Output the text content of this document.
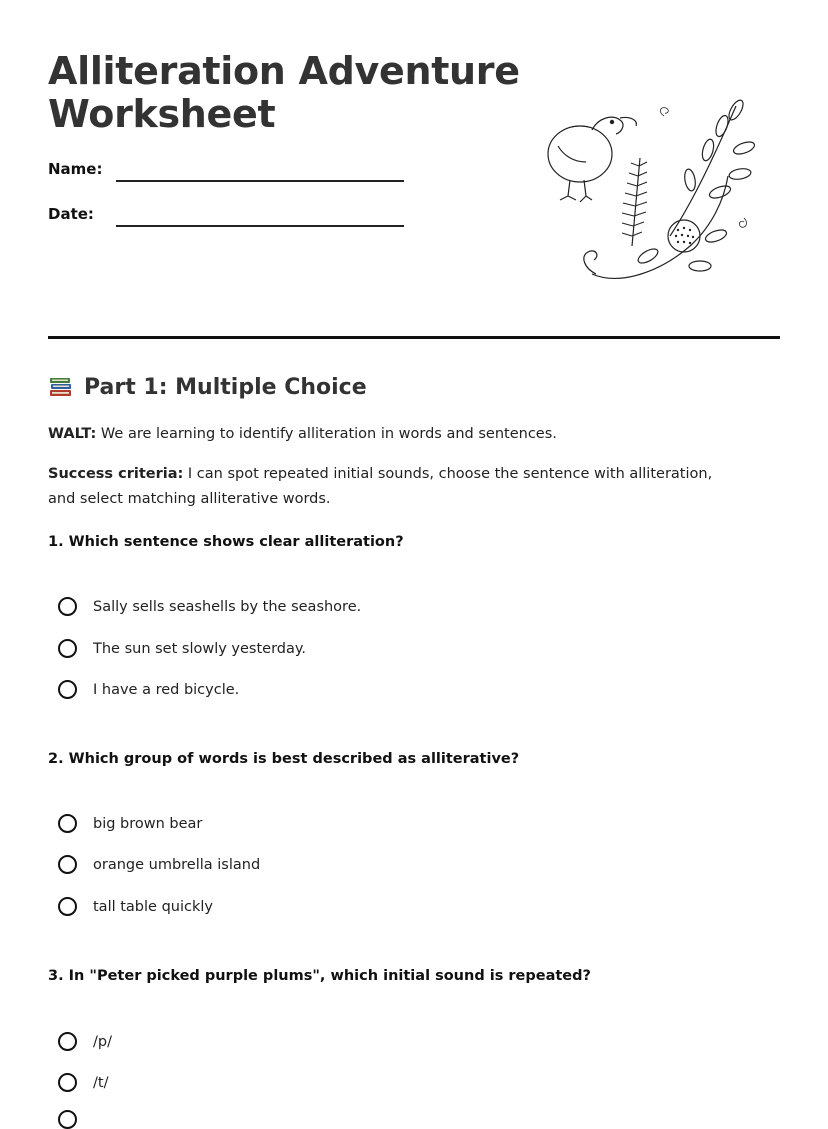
Alliteration Adventure
Worksheet
Name:
Date:
Part 1: Multiple Choice
WALT: We are learning to identify alliteration in words and sentences.
Success criteria: I can spot repeated initial sounds, choose the sentence with alliteration, and select matching alliterative words.
1. Which sentence shows clear alliteration?
Sally sells seashells by the seashore.
The sun set slowly yesterday.
I have a red bicycle.
2. Which group of words is best described as alliterative?
big brown bear
orange umbrella island
tall table quickly
3. In "Peter picked purple plums", which initial sound is repeated?
/p/
/t/
